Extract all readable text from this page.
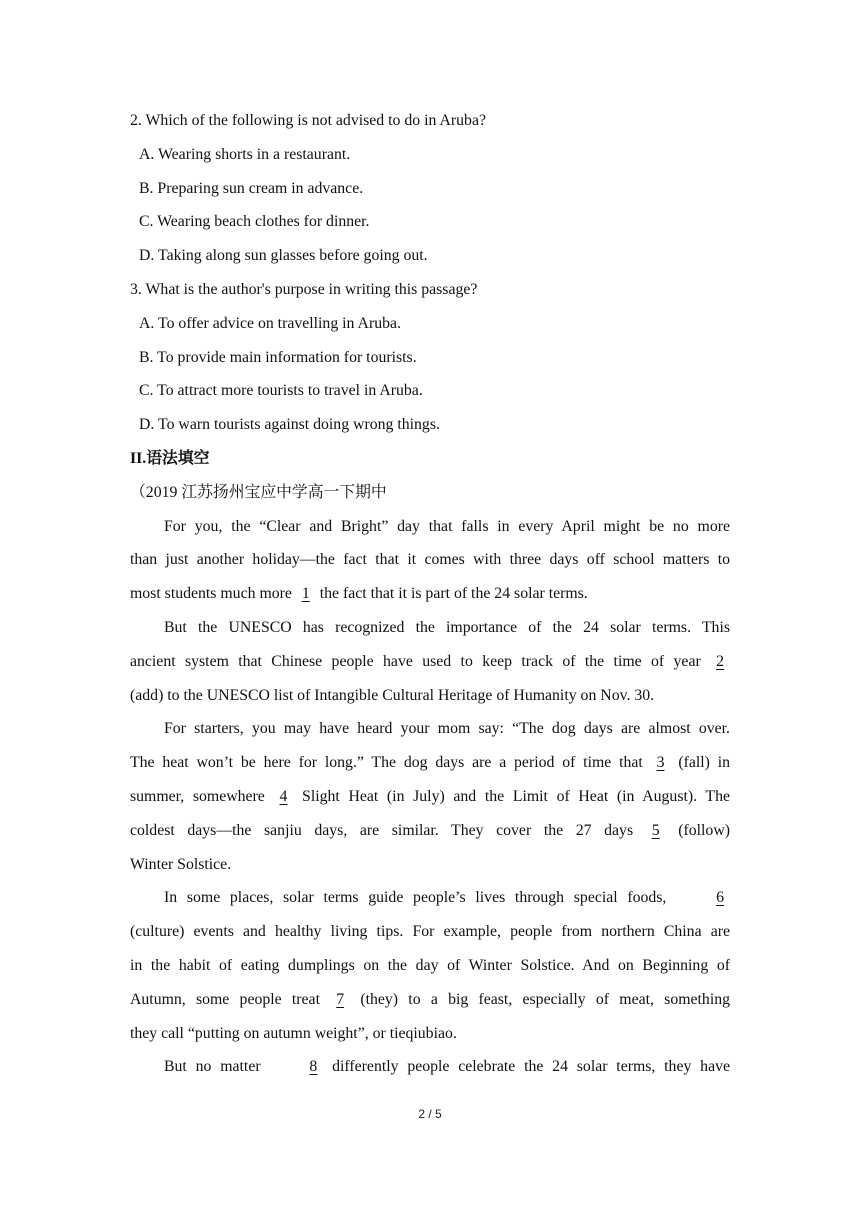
2. Which of the following is not advised to do in Aruba?
A. Wearing shorts in a restaurant.
B. Preparing sun cream in advance.
C. Wearing beach clothes for dinner.
D. Taking along sun glasses before going out.
3. What is the author's purpose in writing this passage?
A. To offer advice on travelling in Aruba.
B. To provide main information for tourists.
C. To attract more tourists to travel in Aruba.
D. To warn tourists against doing wrong things.
II.语法填空
（2019 江苏扬州宝应中学高一下期中
For you, the “Clear and Bright” day that falls in every April might be no more
than just another holiday—the fact that it comes with three days off school matters to
most students much more 1 the fact that it is part of the 24 solar terms.
But the UNESCO has recognized the importance of the 24 solar terms. This
ancient system that Chinese people have used to keep track of the time of year 2
(add) to the UNESCO list of Intangible Cultural Heritage of Humanity on Nov. 30.
For starters, you may have heard your mom say: “The dog days are almost over.
The heat won’t be here for long.” The dog days are a period of time that 3 (fall) in
summer, somewhere 4 Slight Heat (in July) and the Limit of Heat (in August). The
coldest days—the sanjiu days, are similar. They cover the 27 days 5 (follow)
Winter Solstice.
In some places, solar terms guide people’s lives through special foods,	6
(culture) events and healthy living tips. For example, people from northern China are
in the habit of eating dumplings on the day of Winter Solstice. And on Beginning of
Autumn, some people treat 7 (they) to a big feast, especially of meat, something
they call “putting on autumn weight”, or tieqiubiao.
But no matter	8 differently people celebrate the 24 solar terms, they have
2 / 5
